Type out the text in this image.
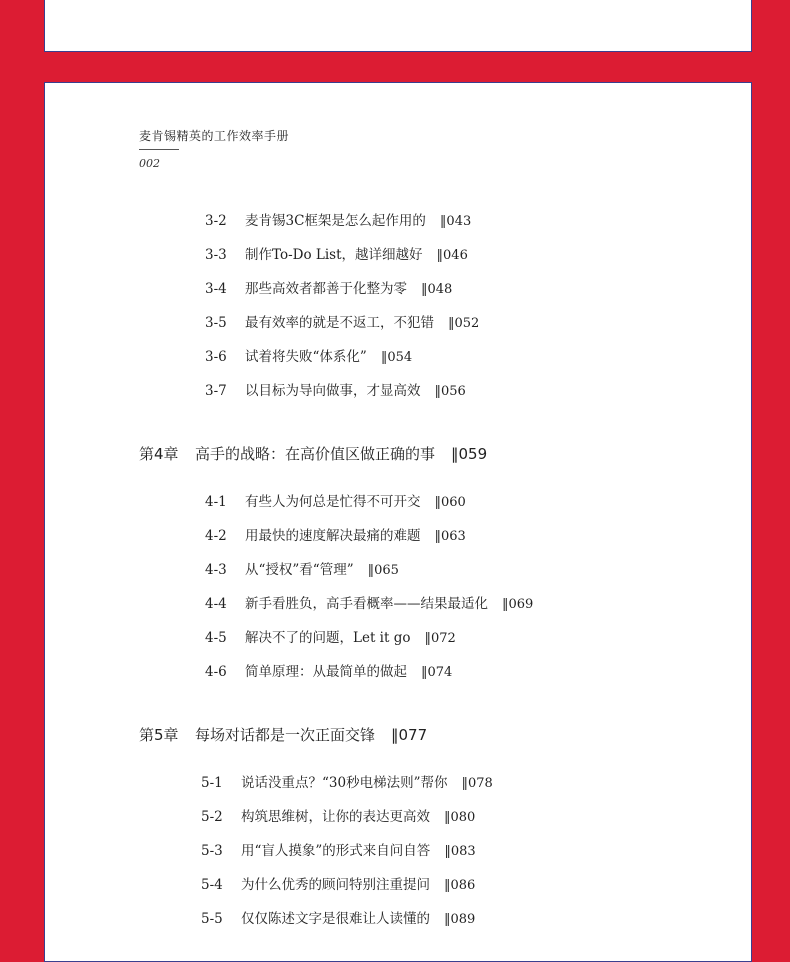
麦肯锡精英的工作效率手册
002
3-2 麦肯锡3C框架是怎么起作用的 ‖043
3-3 制作To-Do List，越详细越好 ‖046
3-4 那些高效者都善于化整为零 ‖048
3-5 最有效率的就是不返工，不犯错 ‖052
3-6 试着将失败“体系化” ‖054
3-7 以目标为导向做事，才显高效 ‖056
第4章 高手的战略：在高价值区做正确的事 ‖059
4-1 有些人为何总是忙得不可开交 ‖060
4-2 用最快的速度解决最痛的难题 ‖063
4-3 从“授权”看“管理” ‖065
4-4 新手看胜负，高手看概率——结果最适化 ‖069
4-5 解决不了的问题，Let it go ‖072
4-6 简单原理：从最简单的做起 ‖074
第5章 每场对话都是一次正面交锋 ‖077
5-1 说话没重点？“30秒电梯法则”帮你 ‖078
5-2 构筑思维树，让你的表达更高效 ‖080
5-3 用“盲人摸象”的形式来自问自答 ‖083
5-4 为什么优秀的顾问特别注重提问 ‖086
5-5 仅仅陈述文字是很难让人读懂的 ‖089
